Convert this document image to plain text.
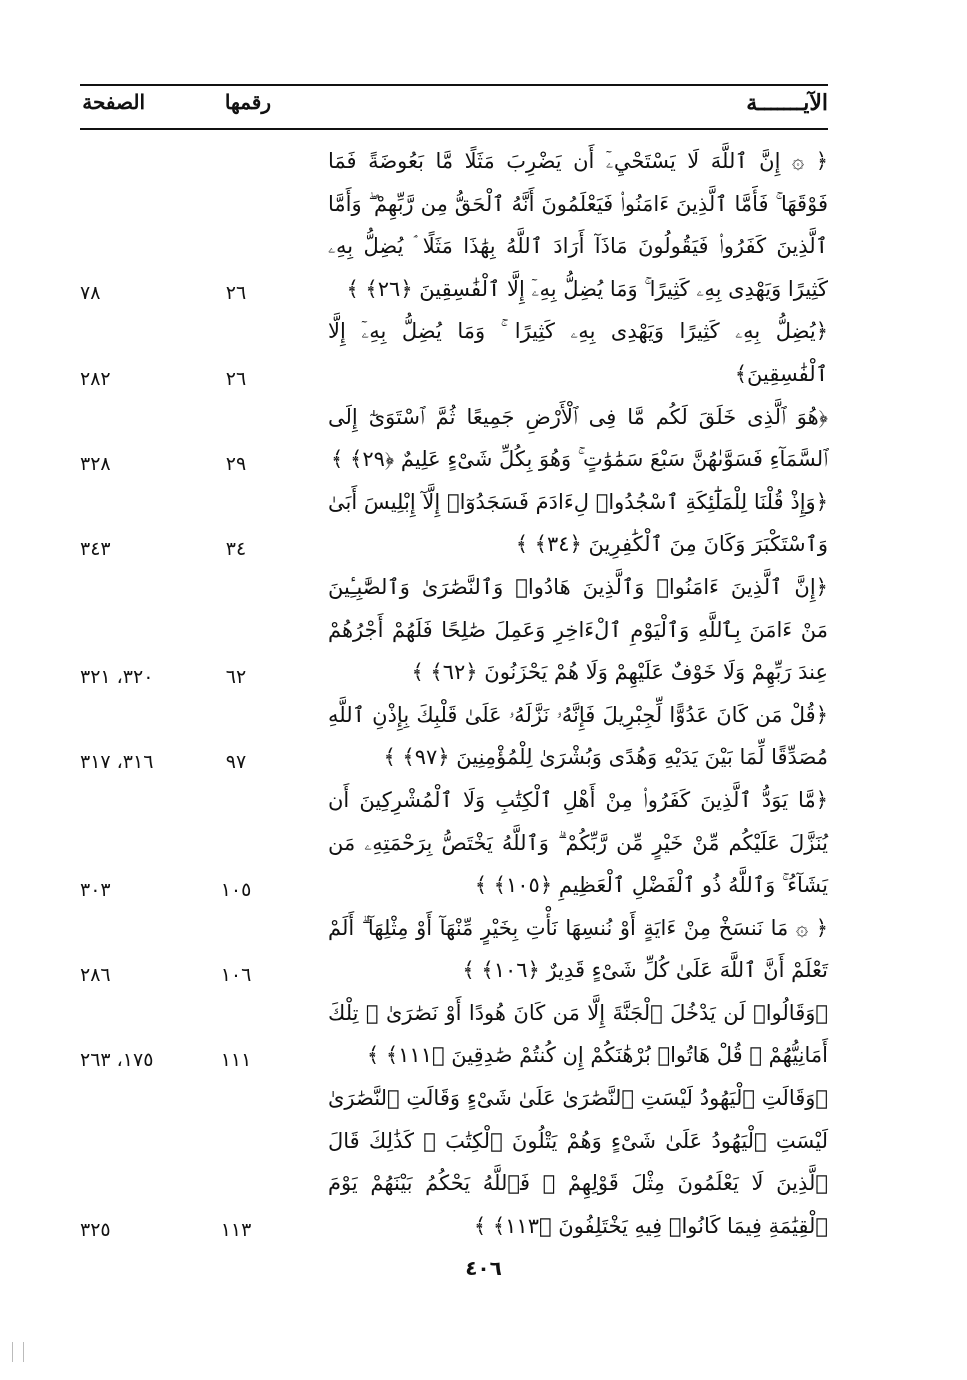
الآيـــــــة
رقمها
الصفحة
﴿ ۞ إِنَّ ٱللَّهَ لَا يَسْتَحْيِۦٓ أَن يَضْرِبَ مَثَلًا مَّا بَعُوضَةً فَمَا فَوْقَهَا ۚ فَأَمَّا ٱلَّذِينَ ءَامَنُوا۟ فَيَعْلَمُونَ أَنَّهُ ٱلْحَقُّ مِن رَّبِّهِمْ ۖ وَأَمَّا ٱلَّذِينَ كَفَرُوا۟ فَيَقُولُونَ مَاذَآ أَرَادَ ٱللَّهُ بِهَٰذَا مَثَلًا ۘ يُضِلُّ بِهِۦ كَثِيرًا وَيَهْدِى بِهِۦ كَثِيرًا ۚ وَمَا يُضِلُّ بِهِۦٓ إِلَّا ٱلْفَٰسِقِينَ ﴿٢٦﴾ ﴾
٢٦
٧٨
﴿يُضِلُّ بِهِۦ كَثِيرًا وَيَهْدِى بِهِۦ كَثِيرًا ۚ وَمَا يُضِلُّ بِهِۦٓ إِلَّا ٱلْفَٰسِقِينَ﴾
٢٦
٢٨٢
﴿هُوَ ٱلَّذِى خَلَقَ لَكُم مَّا فِى ٱلْأَرْضِ جَمِيعًا ثُمَّ ٱسْتَوَىٰٓ إِلَى ٱلسَّمَآءِ فَسَوَّىٰهُنَّ سَبْعَ سَمَٰوَٰتٍ ۚ وَهُوَ بِكُلِّ شَىْءٍ عَلِيمٌ ﴿٢٩﴾ ﴾
٢٩
٣٢٨
﴿وَإِذْ قُلْنَا لِلْمَلَٰٓئِكَةِ ٱسْجُدُوا۟ لِءَادَمَ فَسَجَدُوٓا۟ إِلَّآ إِبْلِيسَ أَبَىٰ وَٱسْتَكْبَرَ وَكَانَ مِنَ ٱلْكَٰفِرِينَ ﴿٣٤﴾ ﴾
٣٤
٣٤٣
﴿إِنَّ ٱلَّذِينَ ءَامَنُوا۟ وَٱلَّذِينَ هَادُوا۟ وَٱلنَّصَٰرَىٰ وَٱلصَّٰبِـِٔينَ مَنْ ءَامَنَ بِٱللَّهِ وَٱلْيَوْمِ ٱلْءَاخِرِ وَعَمِلَ صَٰلِحًا فَلَهُمْ أَجْرُهُمْ عِندَ رَبِّهِمْ وَلَا خَوْفٌ عَلَيْهِمْ وَلَا هُمْ يَحْزَنُونَ ﴿٦٢﴾ ﴾
٦٢
٣٢٠، ٣٢١
﴿قُلْ مَن كَانَ عَدُوًّا لِّجِبْرِيلَ فَإِنَّهُۥ نَزَّلَهُۥ عَلَىٰ قَلْبِكَ بِإِذْنِ ٱللَّهِ مُصَدِّقًا لِّمَا بَيْنَ يَدَيْهِ وَهُدًى وَبُشْرَىٰ لِلْمُؤْمِنِينَ ﴿٩٧﴾ ﴾
٩٧
٣١٦، ٣١٧
﴿مَّا يَوَدُّ ٱلَّذِينَ كَفَرُوا۟ مِنْ أَهْلِ ٱلْكِتَٰبِ وَلَا ٱلْمُشْرِكِينَ أَن يُنَزَّلَ عَلَيْكُم مِّنْ خَيْرٍ مِّن رَّبِّكُمْ ۗ وَٱللَّهُ يَخْتَصُّ بِرَحْمَتِهِۦ مَن يَشَآءُ ۚ وَٱللَّهُ ذُو ٱلْفَضْلِ ٱلْعَظِيمِ ﴿١٠٥﴾ ﴾
١٠٥
٣٠٣
﴿ ۞ مَا نَنسَخْ مِنْ ءَايَةٍ أَوْ نُنسِهَا نَأْتِ بِخَيْرٍ مِّنْهَآ أَوْ مِثْلِهَآ ۗ أَلَمْ تَعْلَمْ أَنَّ ٱللَّهَ عَلَىٰ كُلِّ شَىْءٍ قَدِيرٌ ﴿١٠٦﴾ ﴾
١٠٦
٢٨٦
﴿وَقَالُوا۟ لَن يَدْخُلَ ٱلْجَنَّةَ إِلَّا مَن كَانَ هُودًا أَوْ نَصَٰرَىٰ ۗ تِلْكَ أَمَانِيُّهُمْ ۗ قُلْ هَاتُوا۟ بُرْهَٰنَكُمْ إِن كُنتُمْ صَٰدِقِينَ ﴿١١١﴾ ﴾
١١١
١٧٥، ٢٦٣
﴿وَقَالَتِ ٱلْيَهُودُ لَيْسَتِ ٱلنَّصَٰرَىٰ عَلَىٰ شَىْءٍ وَقَالَتِ ٱلنَّصَٰرَىٰ لَيْسَتِ ٱلْيَهُودُ عَلَىٰ شَىْءٍ وَهُمْ يَتْلُونَ ٱلْكِتَٰبَ ۗ كَذَٰلِكَ قَالَ ٱلَّذِينَ لَا يَعْلَمُونَ مِثْلَ قَوْلِهِمْ ۚ فَٱللَّهُ يَحْكُمُ بَيْنَهُمْ يَوْمَ ٱلْقِيَٰمَةِ فِيمَا كَانُوا۟ فِيهِ يَخْتَلِفُونَ ﴿١١٣﴾ ﴾
١١٣
٣٢٥
٤٠٦
